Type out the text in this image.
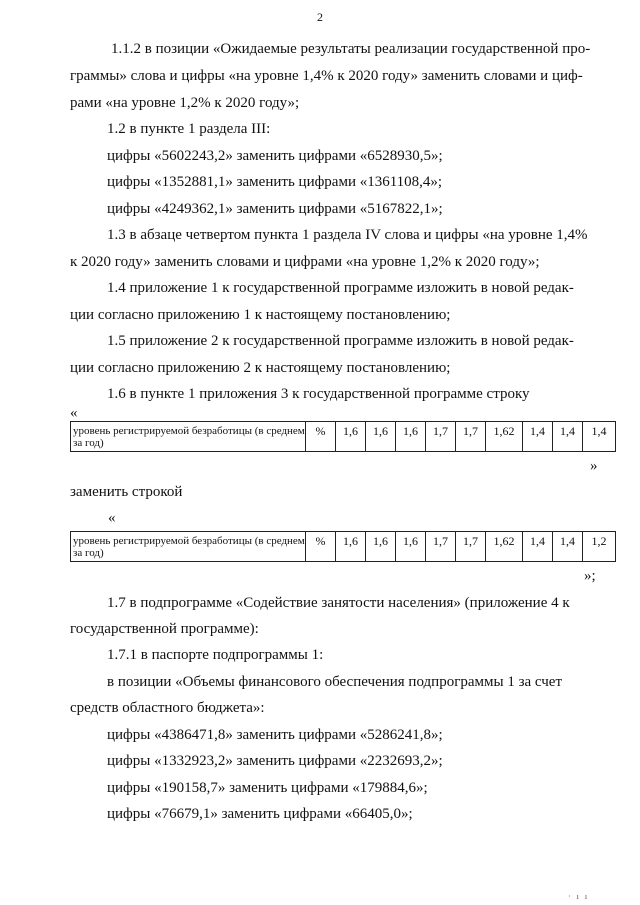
2
1.1.2 в позиции «Ожидаемые результаты реализации государственной про-
граммы» слова и цифры «на уровне 1,4% к 2020 году» заменить словами и циф-
рами «на уровне 1,2% к 2020 году»;
1.2 в пункте 1 раздела III:
цифры «5602243,2» заменить цифрами «6528930,5»;
цифры «1352881,1» заменить цифрами «1361108,4»;
цифры «4249362,1» заменить цифрами «5167822,1»;
1.3 в абзаце четвертом пункта 1 раздела IV слова и цифры «на уровне 1,4%
к 2020 году» заменить словами и цифрами «на уровне 1,2% к 2020 году»;
1.4 приложение 1 к государственной программе изложить в новой редак-
ции согласно приложению 1 к настоящему постановлению;
1.5 приложение 2 к государственной программе изложить в новой редак-
ции согласно приложению 2 к настоящему постановлению;
1.6 в пункте 1 приложения 3 к государственной программе строку
«
уровень регистрируемой безработицы (в среднем за год)	%	1,6	1,6	1,6	1,7	1,7	1,62	1,4	1,4	1,4
»
заменить строкой
«
уровень регистрируемой безработицы (в среднем за год)	%	1,6	1,6	1,6	1,7	1,7	1,62	1,4	1,4	1,2
»;
1.7 в подпрограмме «Содействие занятости населения» (приложение 4 к
государственной программе):
1.7.1 в паспорте подпрограммы 1:
в позиции «Объемы финансового обеспечения подпрограммы 1 за счет
средств областного бюджета»:
цифры «4386471,8» заменить цифрами «5286241,8»;
цифры «1332923,2» заменить цифрами «2232693,2»;
цифры «190158,7» заменить цифрами «179884,6»;
цифры «76679,1» заменить цифрами «66405,0»;
· ı ı
